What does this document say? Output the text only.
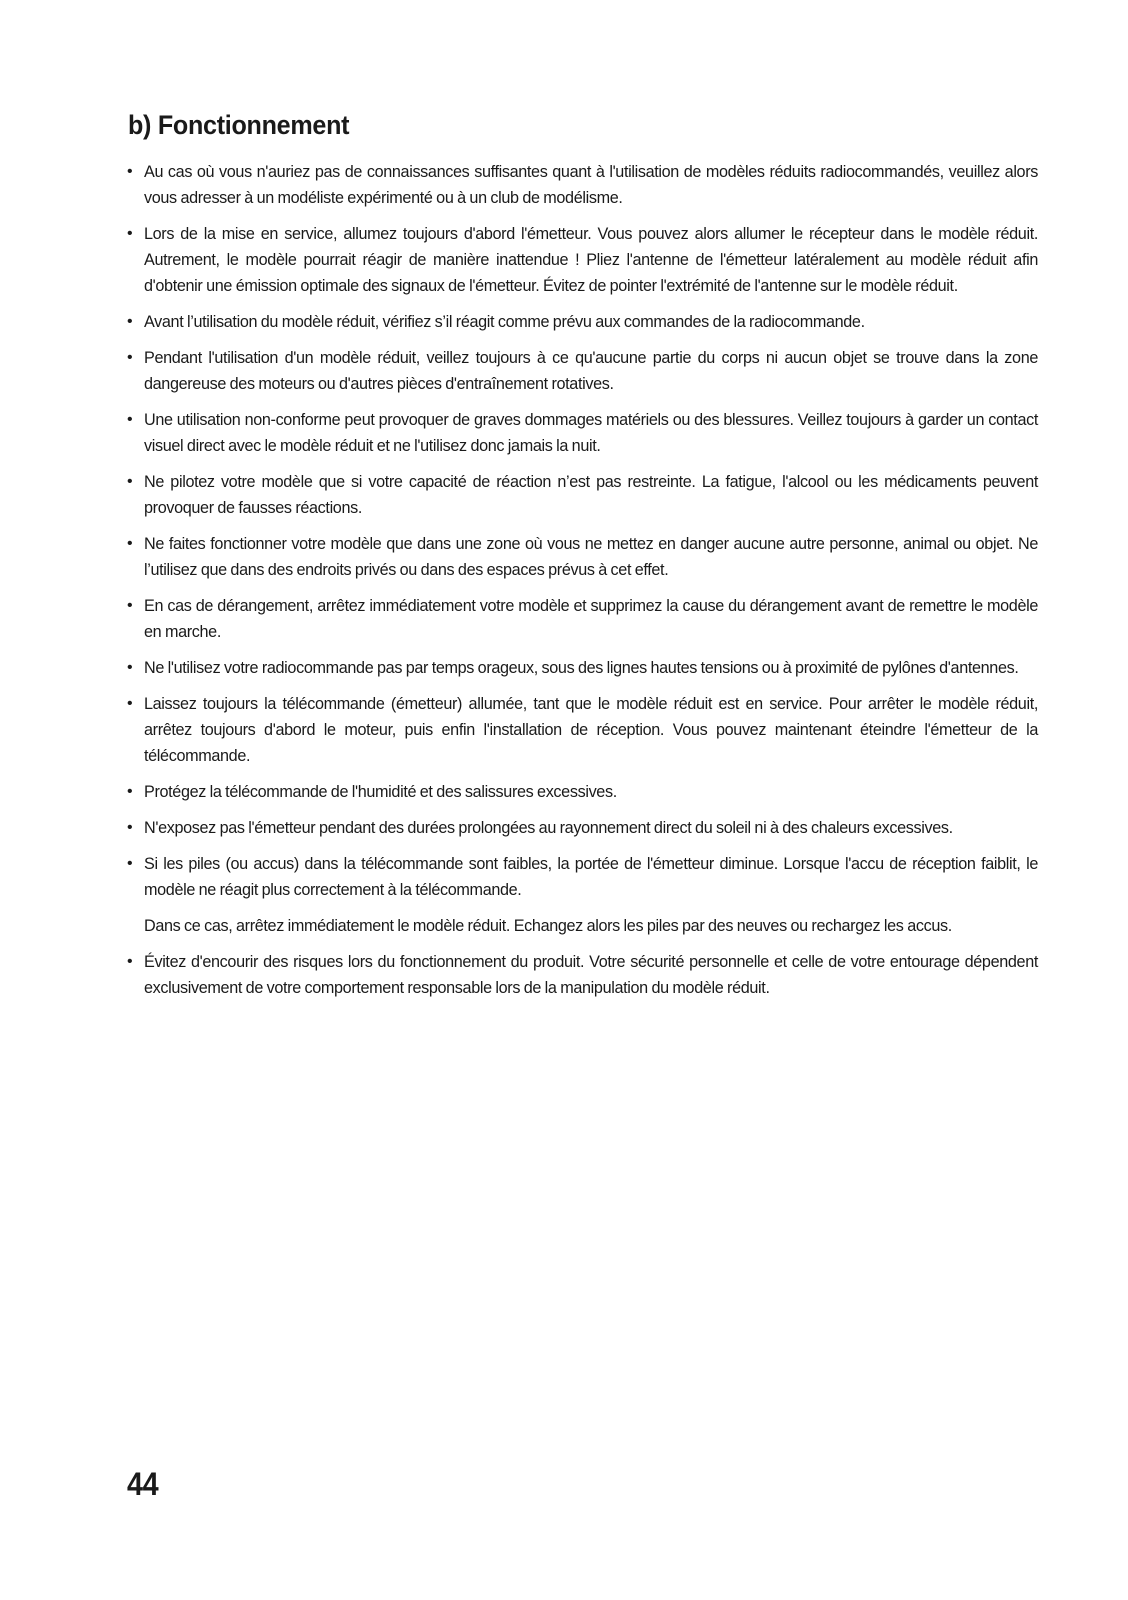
b) Fonctionnement
• Au cas où vous n'auriez pas de connaissances suffisantes quant à l'utilisation de modèles réduits radiocommandés, veuillez alors vous adresser à un modéliste expérimenté ou à un club de modélisme.
• Lors de la mise en service, allumez toujours d'abord l'émetteur. Vous pouvez alors allumer le récepteur dans le modèle réduit. Autrement, le modèle pourrait réagir de manière inattendue ! Pliez l'antenne de l'émetteur latéralement au modèle réduit afin d'obtenir une émission optimale des signaux de l'émetteur. Évitez de pointer l'extrémité de l'antenne sur le modèle réduit.
• Avant l’utilisation du modèle réduit, vérifiez s’il réagit comme prévu aux commandes de la radiocommande.
• Pendant l'utilisation d'un modèle réduit, veillez toujours à ce qu'aucune partie du corps ni aucun objet se trouve dans la zone dangereuse des moteurs ou d'autres pièces d'entraînement rotatives.
• Une utilisation non-conforme peut provoquer de graves dommages matériels ou des blessures. Veillez toujours à garder un contact visuel direct avec le modèle réduit et ne l'utilisez donc jamais la nuit.
• Ne pilotez votre modèle que si votre capacité de réaction n’est pas restreinte. La fatigue, l'alcool ou les médicaments peuvent provoquer de fausses réactions.
• Ne faites fonctionner votre modèle que dans une zone où vous ne mettez en danger aucune autre personne, animal ou objet. Ne l’utilisez que dans des endroits privés ou dans des espaces prévus à cet effet.
• En cas de dérangement, arrêtez immédiatement votre modèle et supprimez la cause du dérangement avant de remettre le modèle en marche.
• Ne l'utilisez votre radiocommande pas par temps orageux, sous des lignes hautes tensions ou à proximité de pylônes d'antennes.
• Laissez toujours la télécommande (émetteur) allumée, tant que le modèle réduit est en service. Pour arrêter le modèle réduit, arrêtez toujours d'abord le moteur, puis enfin l'installation de réception. Vous pouvez maintenant éteindre l'émetteur de la télécommande.
• Protégez la télécommande de l'humidité et des salissures excessives.
• N'exposez pas l'émetteur pendant des durées prolongées au rayonnement direct du soleil ni à des chaleurs excessives.
• Si les piles (ou accus) dans la télécommande sont faibles, la portée de l'émetteur diminue. Lorsque l'accu de réception faiblit, le modèle ne réagit plus correctement à la télécommande.
Dans ce cas, arrêtez immédiatement le modèle réduit. Echangez alors les piles par des neuves ou rechargez les accus.
• Évitez d'encourir des risques lors du fonctionnement du produit. Votre sécurité personnelle et celle de votre entourage dépendent exclusivement de votre comportement responsable lors de la manipulation du modèle réduit.
44
